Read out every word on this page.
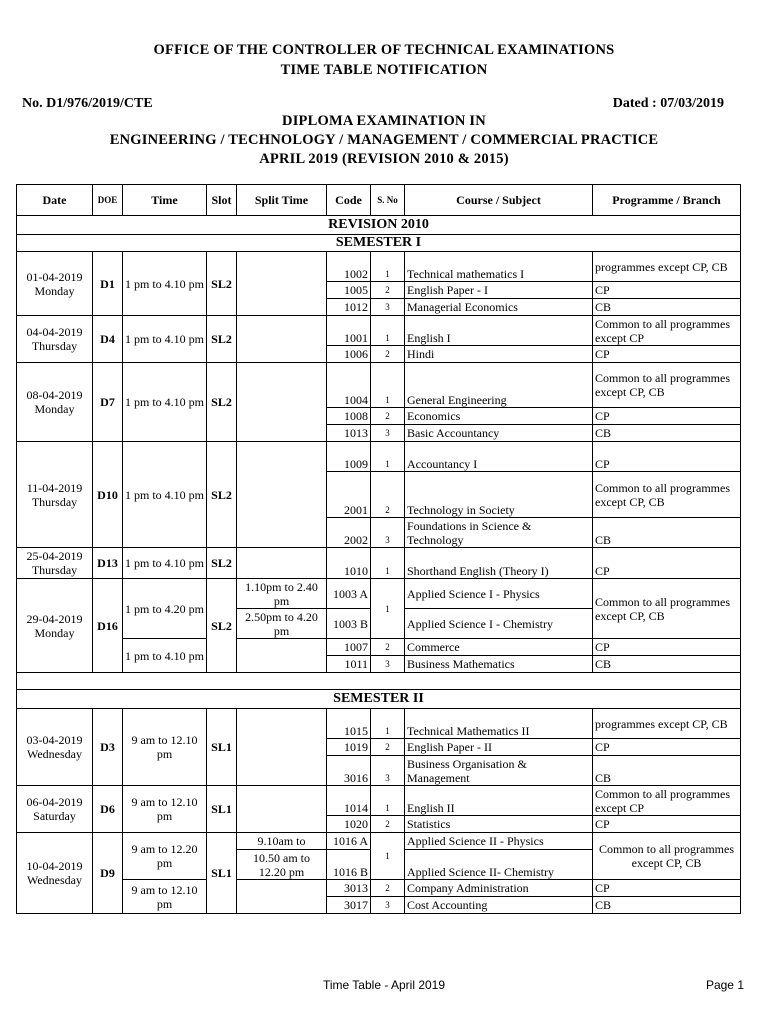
OFFICE OF THE CONTROLLER OF TECHNICAL EXAMINATIONS
TIME TABLE NOTIFICATION
No. D1/976/2019/CTE	Dated : 07/03/2019
DIPLOMA EXAMINATION IN
ENGINEERING / TECHNOLOGY / MANAGEMENT / COMMERCIAL PRACTICE
APRIL 2019 (REVISION 2010 & 2015)
Date	DOE	Time	Slot	Split Time	Code	S. No	Course / Subject	Programme / Branch
REVISION 2010								
SEMESTER I								
01-04-2019
Monday	D1	1 pm to 4.10 pm	SL2		1002	1	Technical mathematics I	programmes except CP, CB
					1005	2	English Paper - I	CP
					1012	3	Managerial Economics	CB
04-04-2019
Thursday	D4	1 pm to 4.10 pm	SL2		1001	1	English I	Common to all programmes except CP
					1006	2	Hindi	CP
08-04-2019
Monday	D7	1 pm to 4.10 pm	SL2		1004	1	General Engineering	Common to all programmes except CP, CB
					1008	2	Economics	CP
					1013	3	Basic Accountancy	CB
11-04-2019
Thursday	D10	1 pm to 4.10 pm	SL2		1009	1	Accountancy I	CP
					2001	2	Technology in Society	Common to all programmes except CP, CB
					2002	3	Foundations in Science & Technology	CB
25-04-2019
Thursday	D13	1 pm to 4.10 pm	SL2		1010	1	Shorthand English (Theory I)	CP
29-04-2019
Monday	D16	1 pm to 4.20 pm	SL2	1.10pm to 2.40 pm	1003 A	1	Applied Science I - Physics	Common to all programmes except CP, CB
				2.50pm to 4.20 pm	1003 B		Applied Science I - Chemistry	
		1 pm to 4.10 pm			1007	2	Commerce	CP
					1011	3	Business Mathematics	CB

SEMESTER II								
03-04-2019
Wednesday	D3	9 am to 12.10 pm	SL1		1015	1	Technical Mathematics II	programmes except CP, CB
					1019	2	English Paper - II	CP
					3016	3	Business Organisation & Management	CB
06-04-2019
Saturday	D6	9 am to 12.10 pm	SL1		1014	1	English II	Common to all programmes except CP
					1020	2	Statistics	CP
10-04-2019
Wednesday	D9	9 am to 12.20 pm	SL1	9.10am to	1016 A	1	Applied Science II - Physics	Common to all programmes except CP, CB
				10.50 am to 12.20 pm	1016 B		Applied Science II- Chemistry	
		9 am to 12.10 pm			3013	2	Company Administration	CP
					3017	3	Cost Accounting	CB
Time Table - April 2019	Page 1
